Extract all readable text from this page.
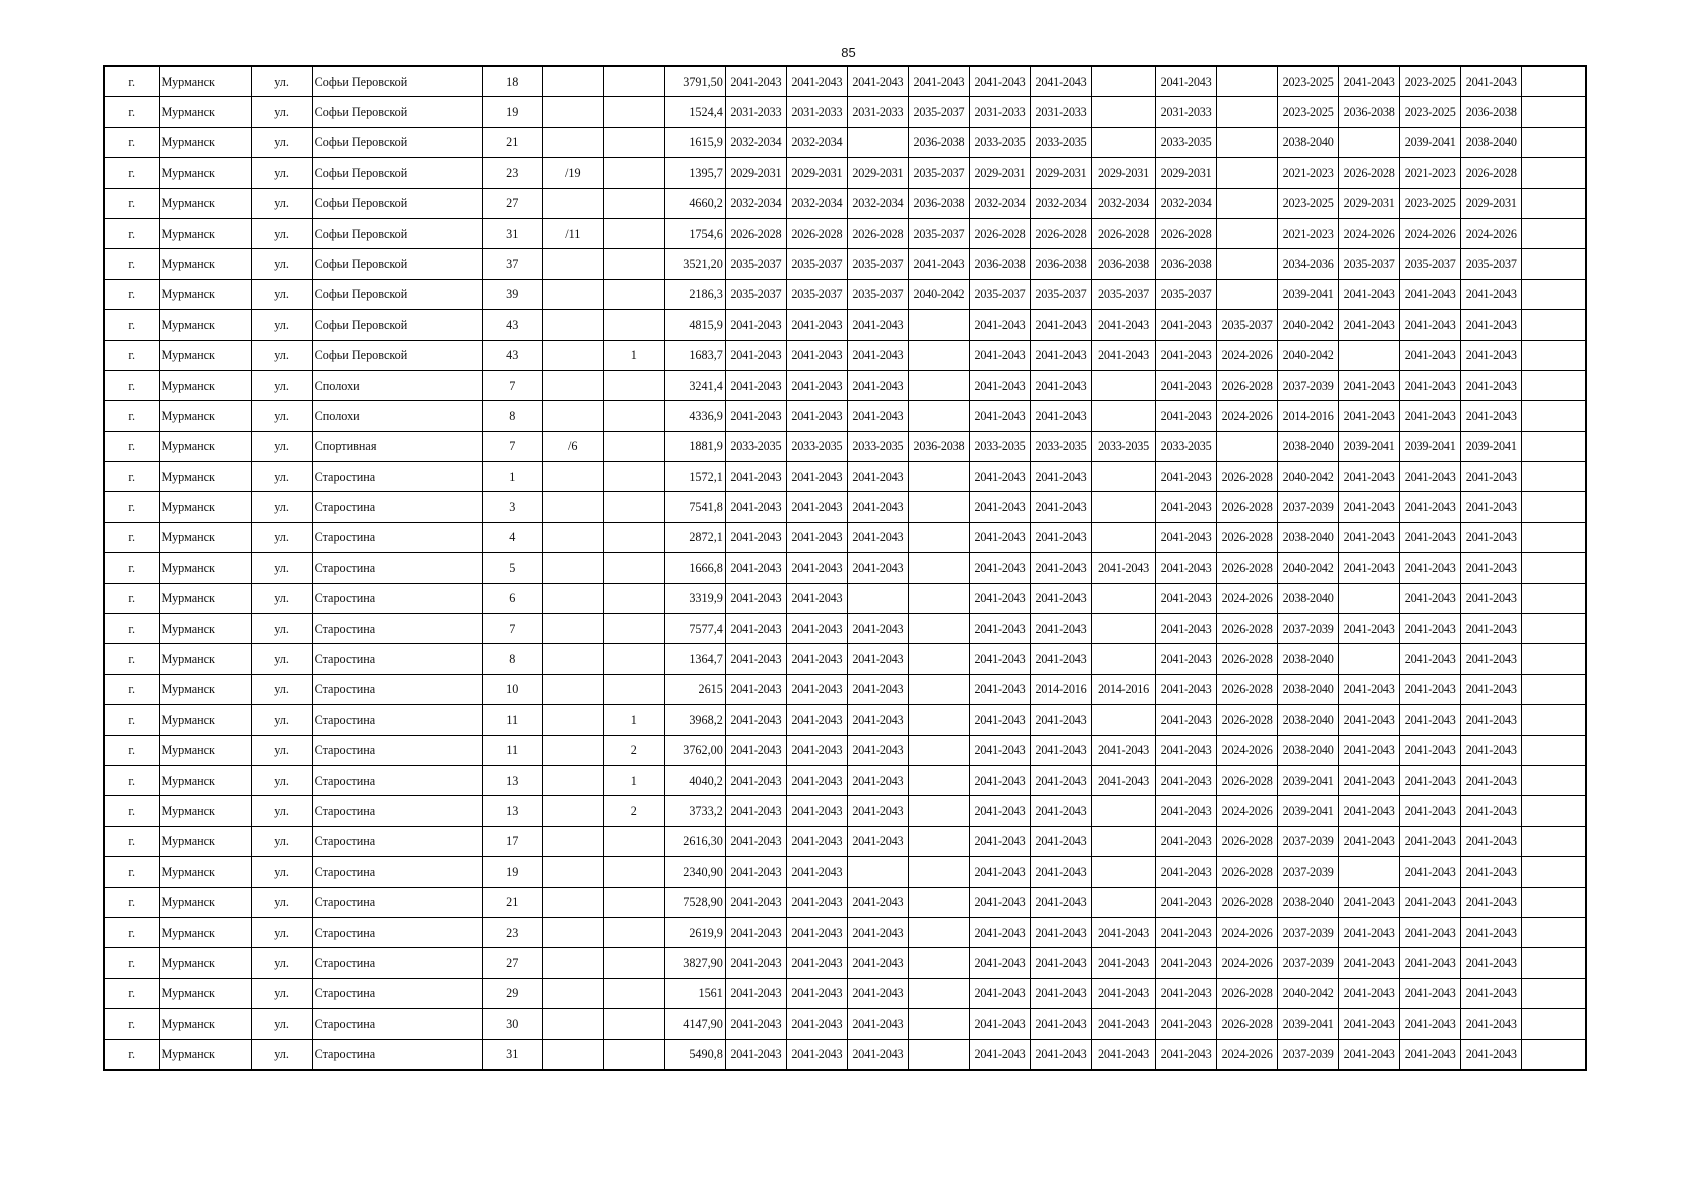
85
г.	Мурманск	ул.	Софьи Перовской	18			3791,50	2041-2043	2041-2043	2041-2043	2041-2043	2041-2043	2041-2043		2041-2043		2023-2025	2041-2043	2023-2025	2041-2043	
г.	Мурманск	ул.	Софьи Перовской	19			1524,4	2031-2033	2031-2033	2031-2033	2035-2037	2031-2033	2031-2033		2031-2033		2023-2025	2036-2038	2023-2025	2036-2038	
г.	Мурманск	ул.	Софьи Перовской	21			1615,9	2032-2034	2032-2034		2036-2038	2033-2035	2033-2035		2033-2035		2038-2040		2039-2041	2038-2040	
г.	Мурманск	ул.	Софьи Перовской	23	/19		1395,7	2029-2031	2029-2031	2029-2031	2035-2037	2029-2031	2029-2031	2029-2031	2029-2031		2021-2023	2026-2028	2021-2023	2026-2028	
г.	Мурманск	ул.	Софьи Перовской	27			4660,2	2032-2034	2032-2034	2032-2034	2036-2038	2032-2034	2032-2034	2032-2034	2032-2034		2023-2025	2029-2031	2023-2025	2029-2031	
г.	Мурманск	ул.	Софьи Перовской	31	/11		1754,6	2026-2028	2026-2028	2026-2028	2035-2037	2026-2028	2026-2028	2026-2028	2026-2028		2021-2023	2024-2026	2024-2026	2024-2026	
г.	Мурманск	ул.	Софьи Перовской	37			3521,20	2035-2037	2035-2037	2035-2037	2041-2043	2036-2038	2036-2038	2036-2038	2036-2038		2034-2036	2035-2037	2035-2037	2035-2037	
г.	Мурманск	ул.	Софьи Перовской	39			2186,3	2035-2037	2035-2037	2035-2037	2040-2042	2035-2037	2035-2037	2035-2037	2035-2037		2039-2041	2041-2043	2041-2043	2041-2043	
г.	Мурманск	ул.	Софьи Перовской	43			4815,9	2041-2043	2041-2043	2041-2043		2041-2043	2041-2043	2041-2043	2041-2043	2035-2037	2040-2042	2041-2043	2041-2043	2041-2043	
г.	Мурманск	ул.	Софьи Перовской	43		1	1683,7	2041-2043	2041-2043	2041-2043		2041-2043	2041-2043	2041-2043	2041-2043	2024-2026	2040-2042		2041-2043	2041-2043	
г.	Мурманск	ул.	Сполохи	7			3241,4	2041-2043	2041-2043	2041-2043		2041-2043	2041-2043		2041-2043	2026-2028	2037-2039	2041-2043	2041-2043	2041-2043	
г.	Мурманск	ул.	Сполохи	8			4336,9	2041-2043	2041-2043	2041-2043		2041-2043	2041-2043		2041-2043	2024-2026	2014-2016	2041-2043	2041-2043	2041-2043	
г.	Мурманск	ул.	Спортивная	7	/6		1881,9	2033-2035	2033-2035	2033-2035	2036-2038	2033-2035	2033-2035	2033-2035	2033-2035		2038-2040	2039-2041	2039-2041	2039-2041	
г.	Мурманск	ул.	Старостина	1			1572,1	2041-2043	2041-2043	2041-2043		2041-2043	2041-2043		2041-2043	2026-2028	2040-2042	2041-2043	2041-2043	2041-2043	
г.	Мурманск	ул.	Старостина	3			7541,8	2041-2043	2041-2043	2041-2043		2041-2043	2041-2043		2041-2043	2026-2028	2037-2039	2041-2043	2041-2043	2041-2043	
г.	Мурманск	ул.	Старостина	4			2872,1	2041-2043	2041-2043	2041-2043		2041-2043	2041-2043		2041-2043	2026-2028	2038-2040	2041-2043	2041-2043	2041-2043	
г.	Мурманск	ул.	Старостина	5			1666,8	2041-2043	2041-2043	2041-2043		2041-2043	2041-2043	2041-2043	2041-2043	2026-2028	2040-2042	2041-2043	2041-2043	2041-2043	
г.	Мурманск	ул.	Старостина	6			3319,9	2041-2043	2041-2043			2041-2043	2041-2043		2041-2043	2024-2026	2038-2040		2041-2043	2041-2043	
г.	Мурманск	ул.	Старостина	7			7577,4	2041-2043	2041-2043	2041-2043		2041-2043	2041-2043		2041-2043	2026-2028	2037-2039	2041-2043	2041-2043	2041-2043	
г.	Мурманск	ул.	Старостина	8			1364,7	2041-2043	2041-2043	2041-2043		2041-2043	2041-2043		2041-2043	2026-2028	2038-2040		2041-2043	2041-2043	
г.	Мурманск	ул.	Старостина	10			2615	2041-2043	2041-2043	2041-2043		2041-2043	2014-2016	2014-2016	2041-2043	2026-2028	2038-2040	2041-2043	2041-2043	2041-2043	
г.	Мурманск	ул.	Старостина	11		1	3968,2	2041-2043	2041-2043	2041-2043		2041-2043	2041-2043		2041-2043	2026-2028	2038-2040	2041-2043	2041-2043	2041-2043	
г.	Мурманск	ул.	Старостина	11		2	3762,00	2041-2043	2041-2043	2041-2043		2041-2043	2041-2043	2041-2043	2041-2043	2024-2026	2038-2040	2041-2043	2041-2043	2041-2043	
г.	Мурманск	ул.	Старостина	13		1	4040,2	2041-2043	2041-2043	2041-2043		2041-2043	2041-2043	2041-2043	2041-2043	2026-2028	2039-2041	2041-2043	2041-2043	2041-2043	
г.	Мурманск	ул.	Старостина	13		2	3733,2	2041-2043	2041-2043	2041-2043		2041-2043	2041-2043		2041-2043	2024-2026	2039-2041	2041-2043	2041-2043	2041-2043	
г.	Мурманск	ул.	Старостина	17			2616,30	2041-2043	2041-2043	2041-2043		2041-2043	2041-2043		2041-2043	2026-2028	2037-2039	2041-2043	2041-2043	2041-2043	
г.	Мурманск	ул.	Старостина	19			2340,90	2041-2043	2041-2043			2041-2043	2041-2043		2041-2043	2026-2028	2037-2039		2041-2043	2041-2043	
г.	Мурманск	ул.	Старостина	21			7528,90	2041-2043	2041-2043	2041-2043		2041-2043	2041-2043		2041-2043	2026-2028	2038-2040	2041-2043	2041-2043	2041-2043	
г.	Мурманск	ул.	Старостина	23			2619,9	2041-2043	2041-2043	2041-2043		2041-2043	2041-2043	2041-2043	2041-2043	2024-2026	2037-2039	2041-2043	2041-2043	2041-2043	
г.	Мурманск	ул.	Старостина	27			3827,90	2041-2043	2041-2043	2041-2043		2041-2043	2041-2043	2041-2043	2041-2043	2024-2026	2037-2039	2041-2043	2041-2043	2041-2043	
г.	Мурманск	ул.	Старостина	29			1561	2041-2043	2041-2043	2041-2043		2041-2043	2041-2043	2041-2043	2041-2043	2026-2028	2040-2042	2041-2043	2041-2043	2041-2043	
г.	Мурманск	ул.	Старостина	30			4147,90	2041-2043	2041-2043	2041-2043		2041-2043	2041-2043	2041-2043	2041-2043	2026-2028	2039-2041	2041-2043	2041-2043	2041-2043	
г.	Мурманск	ул.	Старостина	31			5490,8	2041-2043	2041-2043	2041-2043		2041-2043	2041-2043	2041-2043	2041-2043	2024-2026	2037-2039	2041-2043	2041-2043	2041-2043	
